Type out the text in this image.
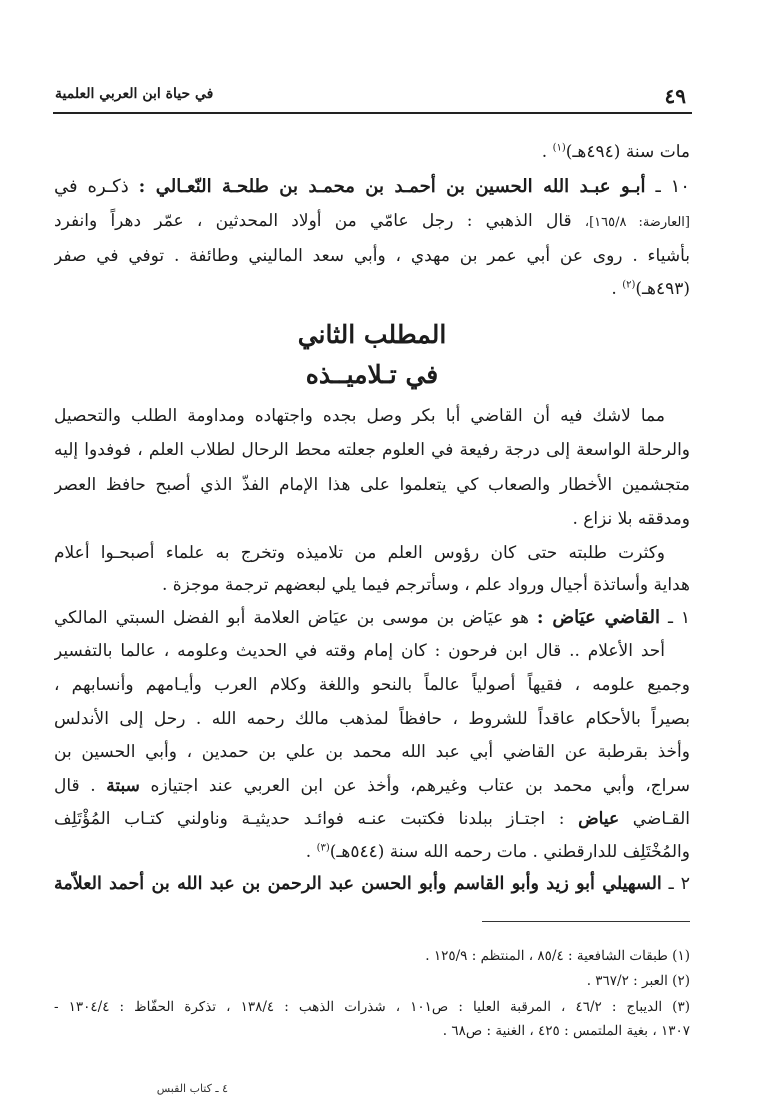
في حياة ابن العربي العلمية	٤٩
مات سنة (٤٩٤هـ)$^{(١)}$ .
١٠ ـ أبـو عبـد الله الحسين بن أحمـد بن محمـد بن طلحـة النّعـالي : ذكـره في
[العارضة: ١٦٥/٨]، قال الذهبي : رجل عامّي من أولاد المحدثين ، عمّر دهراً وانفرد
بأشياء . روى عن أبي عمر بن مهدي ، وأبي سعد الماليني وطائفة . توفي في صفر
(٤٩٣هـ)$^{(٢)}$ .
المطلب الثاني
في تـلاميــذه
مما لاشك فيه أن القاضي أبا بكر وصل بجده واجتهاده ومداومة الطلب والتحصيل
والرحلة الواسعة إلى درجة رفيعة في العلوم جعلته محط الرحال لطلاب العلم ، فوفدوا إليه
متجشمين الأخطار والصعاب كي يتعلموا على هذا الإمام الفذّ الذي أصبح حافظ العصر
ومدققه بلا نزاع .
وكثرت طلبته حتى كان رؤوس العلم من تلاميذه وتخرج به علماء أصبحـوا أعلام
هداية وأساتذة أجيال ورواد علم ، وسأترجم فيما يلي لبعضهم ترجمة موجزة .
١ ـ القاضي عيَاض : هو عيَاض بن موسى بن عيَاض العلامة أبو الفضل السبتي المالكي
أحد الأعلام .. قال ابن فرحون : كان إمام وقته في الحديث وعلومه ، عالما بالتفسير
وجميع علومه ، فقيهاً أصولياً عالماً بالنحو واللغة وكلام العرب وأيـامهم وأنسابهم ،
بصيراً بالأحكام عاقداً للشروط ، حافظاً لمذهب مالك رحمه الله . رحل إلى الأندلس
وأخذ بقرطبة عن القاضي أبي عبد الله محمد بن علي بن حمدين ، وأبي الحسين بن
سراج، وأبي محمد بن عتاب وغيرهم، وأخذ عن ابن العربي عند اجتيازه سبتة . قال
القـاضي عياض : اجتـاز ببلدنا فكتبت عنـه فوائـد حديثيـة وناولني كتـاب المُؤْتَلِف
والمُخْتَلِف للدارقطني . مات رحمه الله سنة (٥٤٤هـ)$^{(٣)}$ .
٢ ـ السهيلي أبو زيد وأبو القاسم وأبو الحسن عبد الرحمن بن عبد الله بن أحمد العلاّمة
(١) طبقات الشافعية : ٨٥/٤ ، المنتظم : ١٢٥/٩ .
(٢) العبر : ٣٦٧/٢ .
(٣) الديباج : ٤٦/٢ ، المرقبة العليا : ص١٠١ ، شذرات الذهب : ١٣٨/٤ ، تذكرة الحفّاظ : ١٣٠٤/٤ -
١٣٠٧ ، بغية الملتمس : ٤٢٥ ، الغنية : ص٦٨ .
٤ ـ كتاب القبس
